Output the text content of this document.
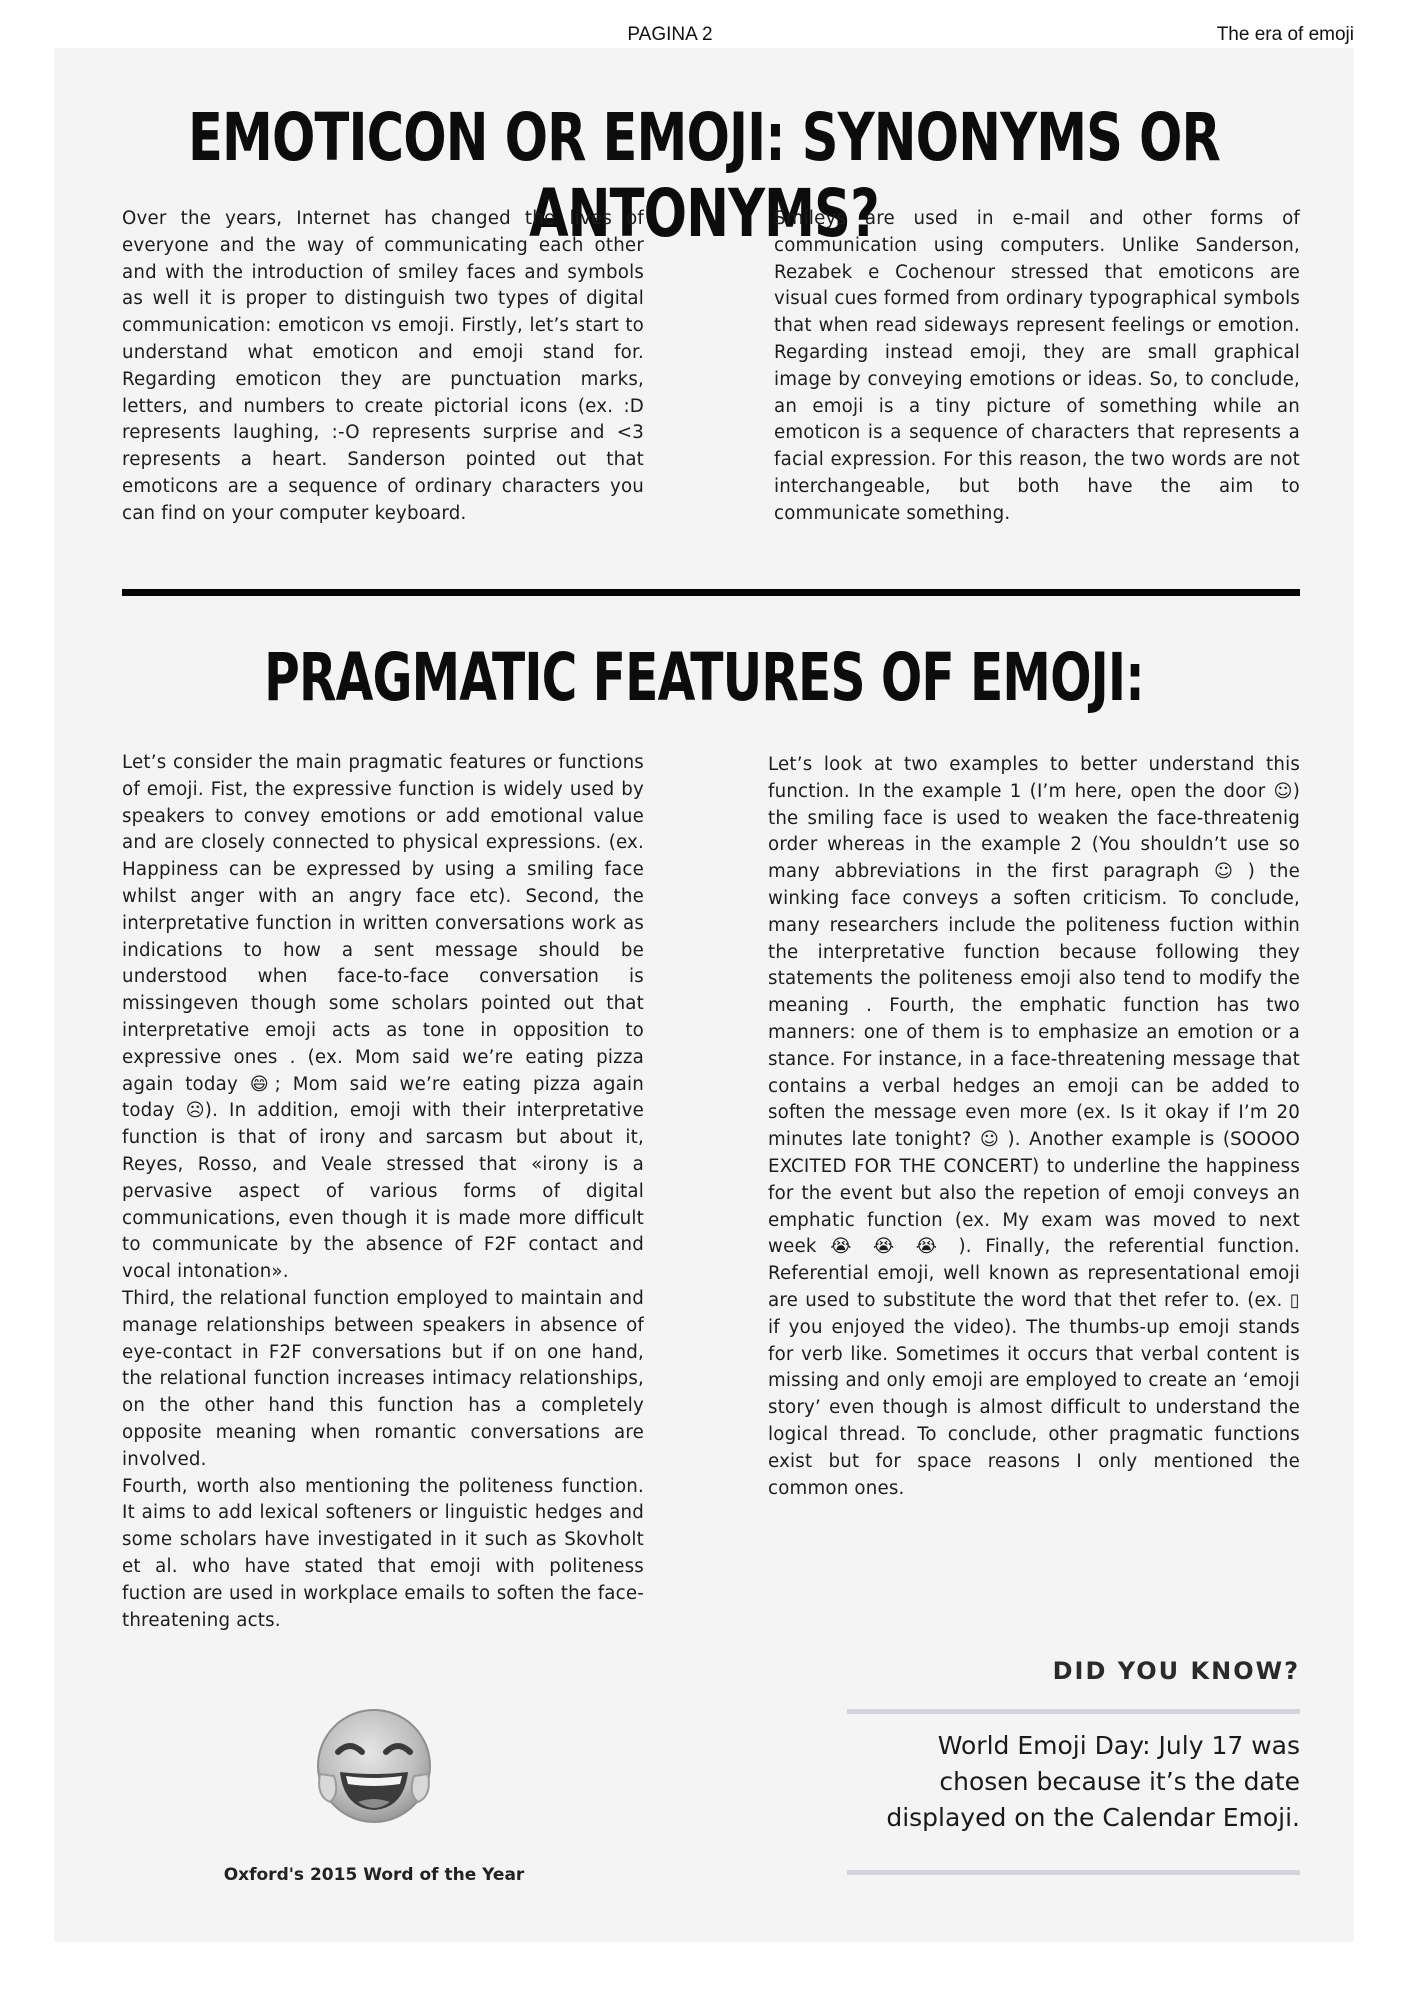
PAGINA 2	The era of emoji
EMOTICON OR EMOJI: SYNONYMS OR ANTONYMS?

Over the years, Internet has changed the lives of everyone and the way of communicating each other and with the introduction of smiley faces and symbols as well it is proper to distinguish two types of digital communication: emoticon vs emoji. Firstly, let’s start to understand what emoticon and emoji stand for. Regarding emoticon they are punctuation marks, letters, and numbers to create pictorial icons (ex. :D represents laughing, :-O represents surprise and <3 represents a heart. Sanderson pointed out that emoticons are a sequence of ordinary characters you can find on your computer keyboard.

Smileys are used in e-mail and other forms of communication using computers. Unlike Sanderson, Rezabek e Cochenour stressed that emoticons are visual cues formed from ordinary typographical symbols that when read sideways represent feelings or emotion. Regarding instead emoji, they are small graphical image by conveying emotions or ideas. So, to conclude, an emoji is a tiny picture of something while an emoticon is a sequence of characters that represents a facial expression. For this reason, the two words are not interchangeable, but both have the aim to communicate something.

PRAGMATIC FEATURES OF EMOJI:

Let’s consider the main pragmatic features or functions of emoji. Fist, the expressive function is widely used by speakers to convey emotions or add emotional value and are closely connected to physical expressions. (ex. Happiness can be expressed by using a smiling face whilst anger with an angry face etc). Second, the interpretative function in written conversations work as indications to how a sent message should be understood when face-to-face conversation is missingeven though some scholars pointed out that interpretative emoji acts as tone in opposition to expressive ones . (ex. Mom said we’re eating pizza again today 😄; Mom said we’re eating pizza again today ☹). In addition, emoji with their interpretative function is that of irony and sarcasm but about it, Reyes, Rosso, and Veale stressed that «irony is a pervasive aspect of various forms of digital communications, even though it is made more difficult to communicate by the absence of F2F contact and vocal intonation».

Third, the relational function employed to maintain and manage relationships between speakers in absence of eye-contact in F2F conversations but if on one hand, the relational function increases intimacy relationships, on the other hand this function has a completely opposite meaning when romantic conversations are involved.

Fourth, worth also mentioning the politeness function. It aims to add lexical softeners or linguistic hedges and some scholars have investigated in it such as Skovholt et al. who have stated that emoji with politeness fuction are used in workplace emails to soften the face-threatening acts.

Let’s look at two examples to better understand this function. In the example 1 (I’m here, open the door ☺) the smiling face is used to weaken the face-threatenig order whereas in the example 2 (You shouldn’t use so many abbreviations in the first paragraph ☺ ) the winking face conveys a soften criticism. To conclude, many researchers include the politeness fuction within the interpretative function because following they statements the politeness emoji also tend to modify the meaning . Fourth, the emphatic function has two manners: one of them is to emphasize an emotion or a stance. For instance, in a face-threatening message that contains a verbal hedges an emoji can be added to soften the message even more (ex. Is it okay if I’m 20 minutes late tonight? ☺ ). Another example is (SOOOO EXCITED FOR THE CONCERT) to underline the happiness for the event but also the repetion of emoji conveys an emphatic function (ex. My exam was moved to next week 😭 😭 😭 ). Finally, the referential function. Referential emoji, well known as representational emoji are used to substitute the word that thet refer to. (ex. ▯ if you enjoyed the video). The thumbs-up emoji stands for verb like. Sometimes it occurs that verbal content is missing and only emoji are employed to create an ‘emoji story’ even though is almost difficult to understand the logical thread. To conclude, other pragmatic functions exist but for space reasons I only mentioned the common ones.

DID YOU KNOW?
World Emoji Day: July 17 was chosen because it’s the date displayed on the Calendar Emoji.
Oxford's 2015 Word of the Year
